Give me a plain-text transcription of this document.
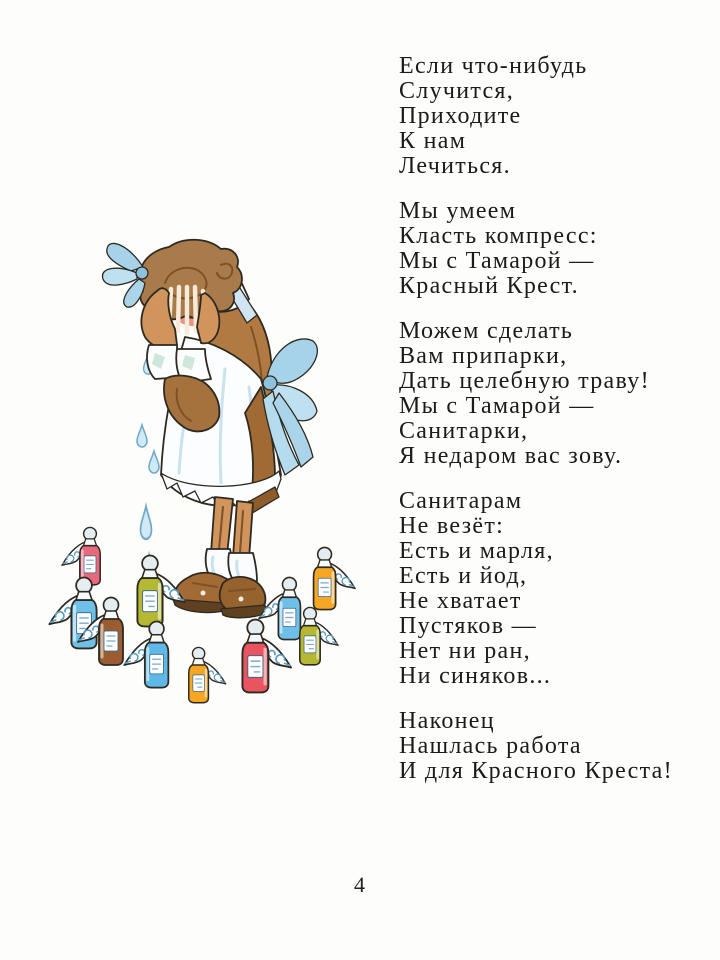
Если что-нибудь

Случится,

Приходите

К нам

Лечиться.

Мы умеем

Класть компресс:

Мы с Тамарой —

Красный Крест.

Можем сделать

Вам припарки,

Дать целебную траву!

Мы с Тамарой —

Санитарки,

Я недаром вас зову.

Санитарам

Не везёт:

Есть и марля,

Есть и йод,

Не хватает

Пустяков —

Нет ни ран,

Ни синяков...

Наконец

Нашлась работа

И для Красного Креста!

4
